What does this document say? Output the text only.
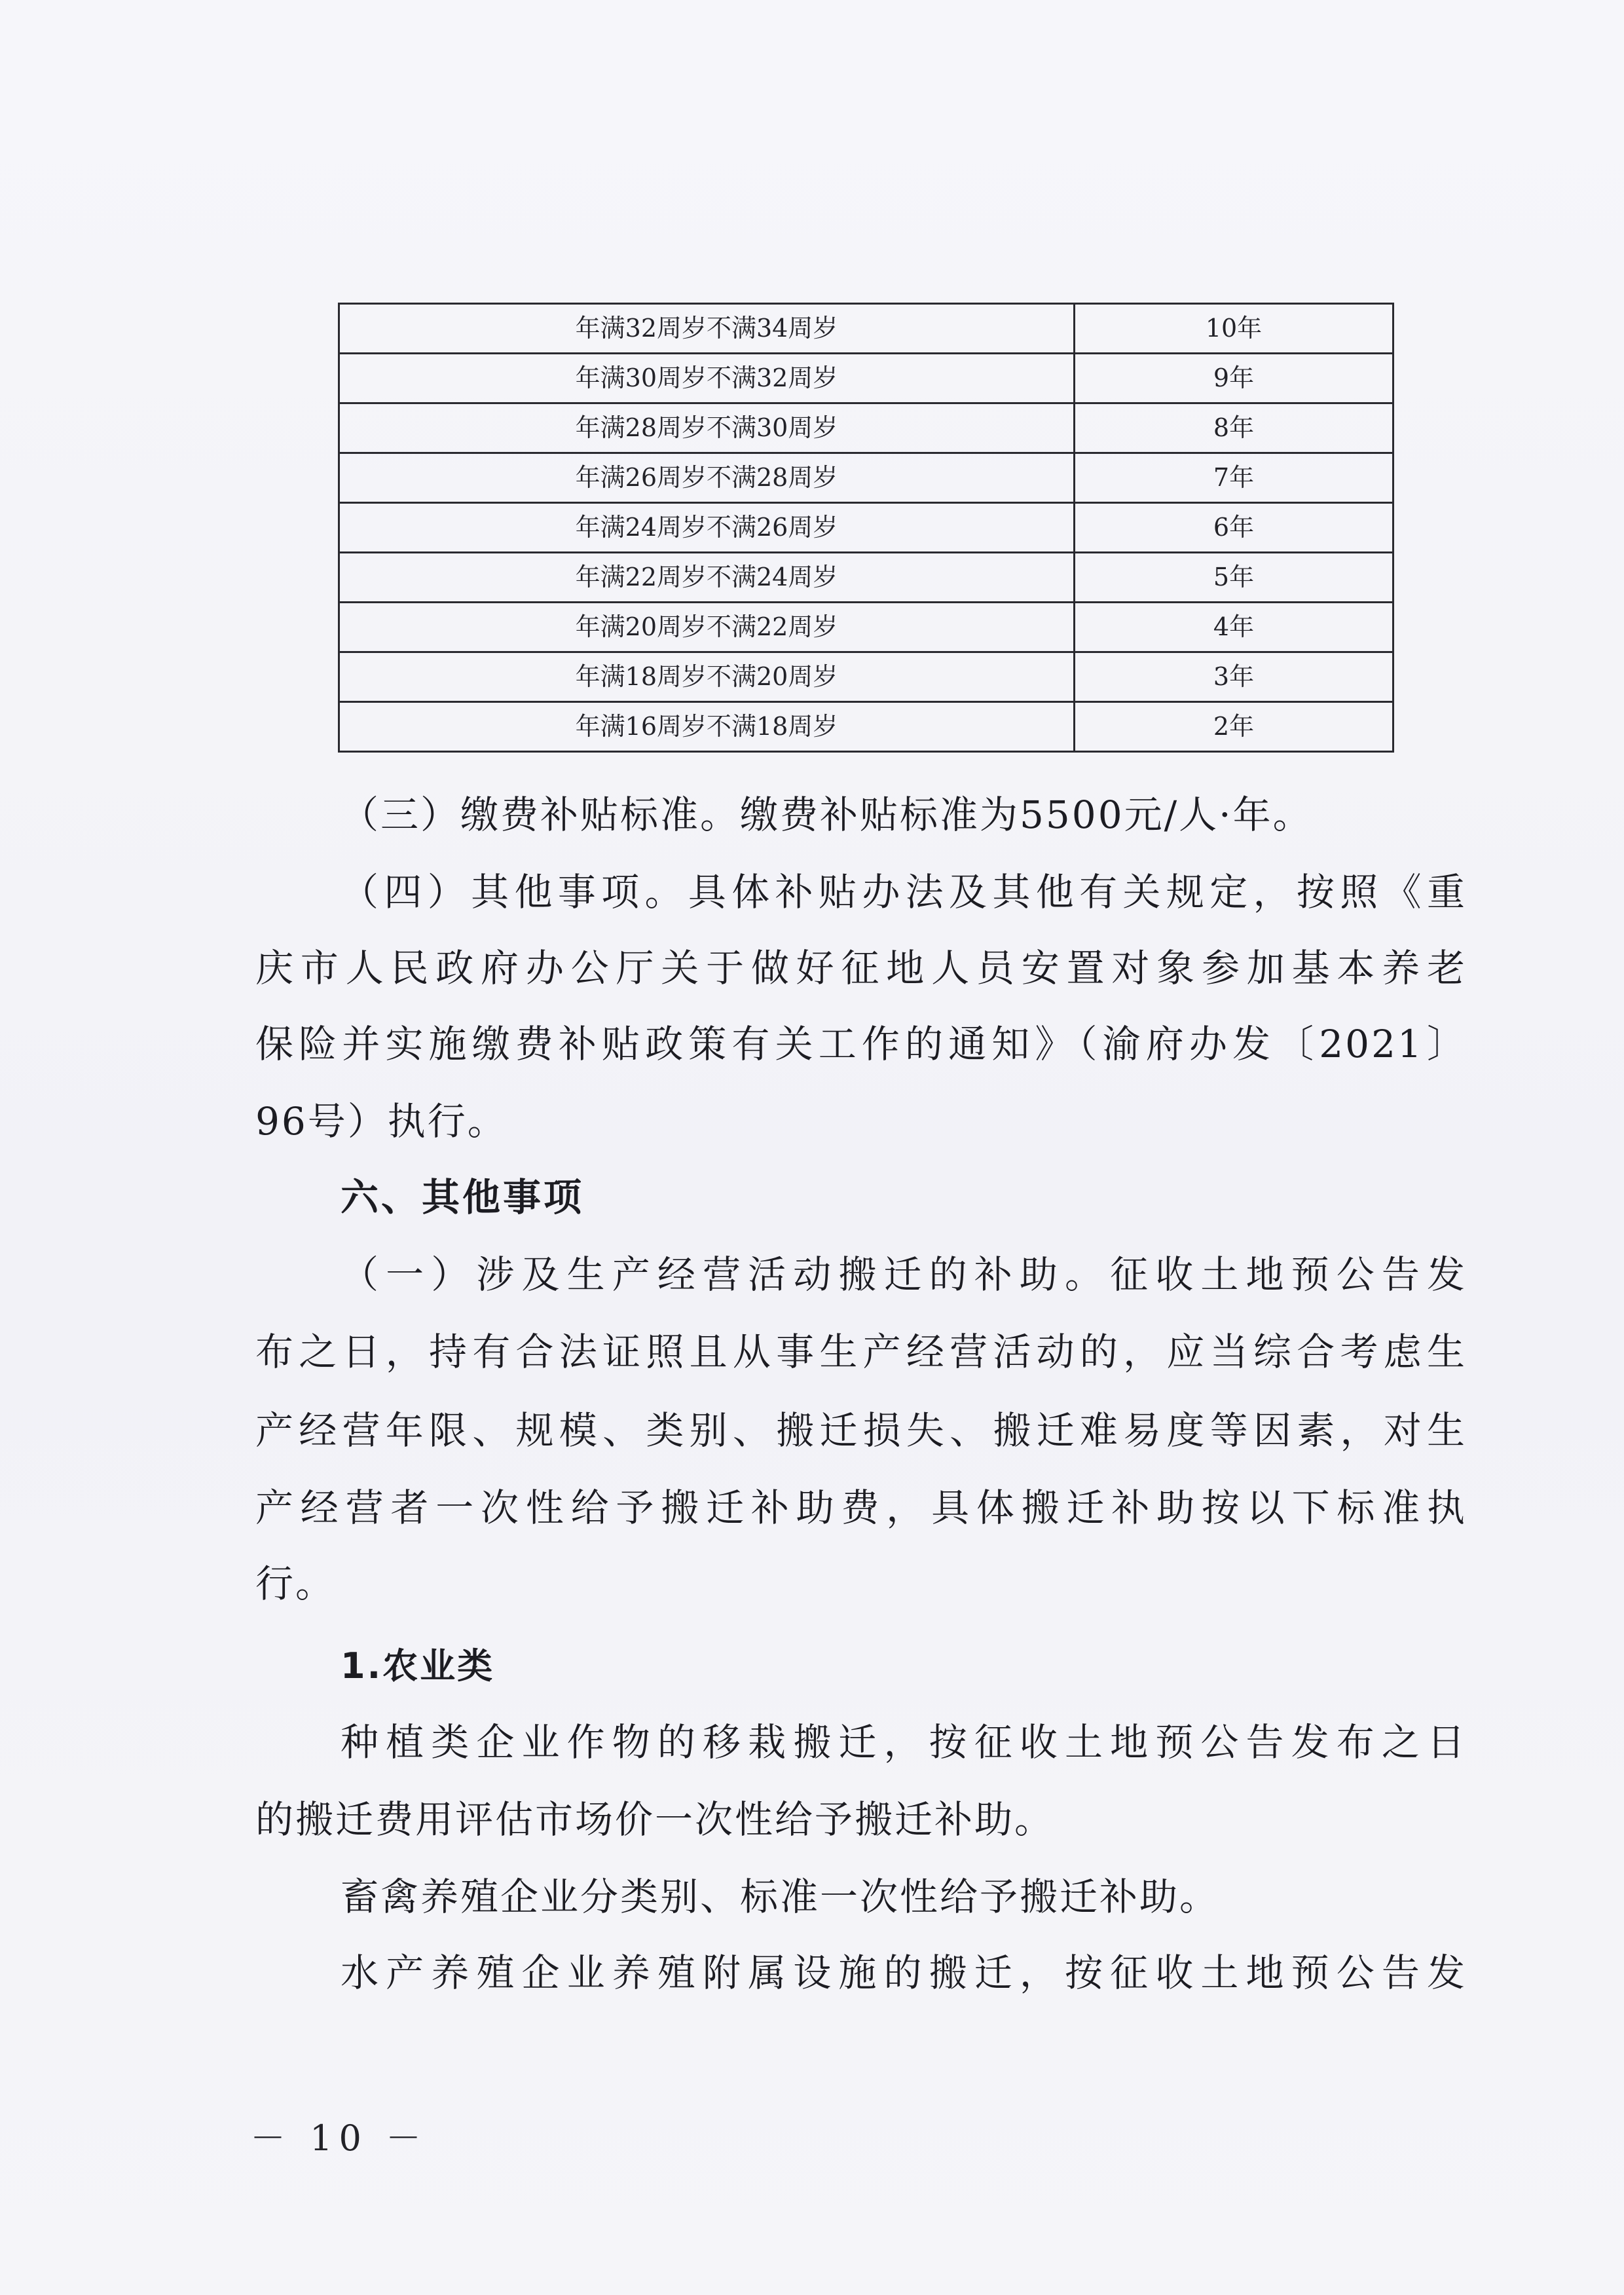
年满32周岁不满34周岁	10年
年满30周岁不满32周岁	9年
年满28周岁不满30周岁	8年
年满26周岁不满28周岁	7年
年满24周岁不满26周岁	6年
年满22周岁不满24周岁	5年
年满20周岁不满22周岁	4年
年满18周岁不满20周岁	3年
年满16周岁不满18周岁	2年
（三）缴费补贴标准。缴费补贴标准为5500元/人·年。
（四）其他事项。具体补贴办法及其他有关规定，按照《重
庆市人民政府办公厅关于做好征地人员安置对象参加基本养老
保险并实施缴费补贴政策有关工作的通知》（渝府办发〔2021〕
96号）执行。
六、其他事项
（一）涉及生产经营活动搬迁的补助。征收土地预公告发
布之日，持有合法证照且从事生产经营活动的，应当综合考虑生
产经营年限、规模、类别、搬迁损失、搬迁难易度等因素，对生
产经营者一次性给予搬迁补助费，具体搬迁补助按以下标准执
行。
1.农业类
种植类企业作物的移栽搬迁，按征收土地预公告发布之日
的搬迁费用评估市场价一次性给予搬迁补助。
畜禽养殖企业分类别、标准一次性给予搬迁补助。
水产养殖企业养殖附属设施的搬迁，按征收土地预公告发
－ 10 －
